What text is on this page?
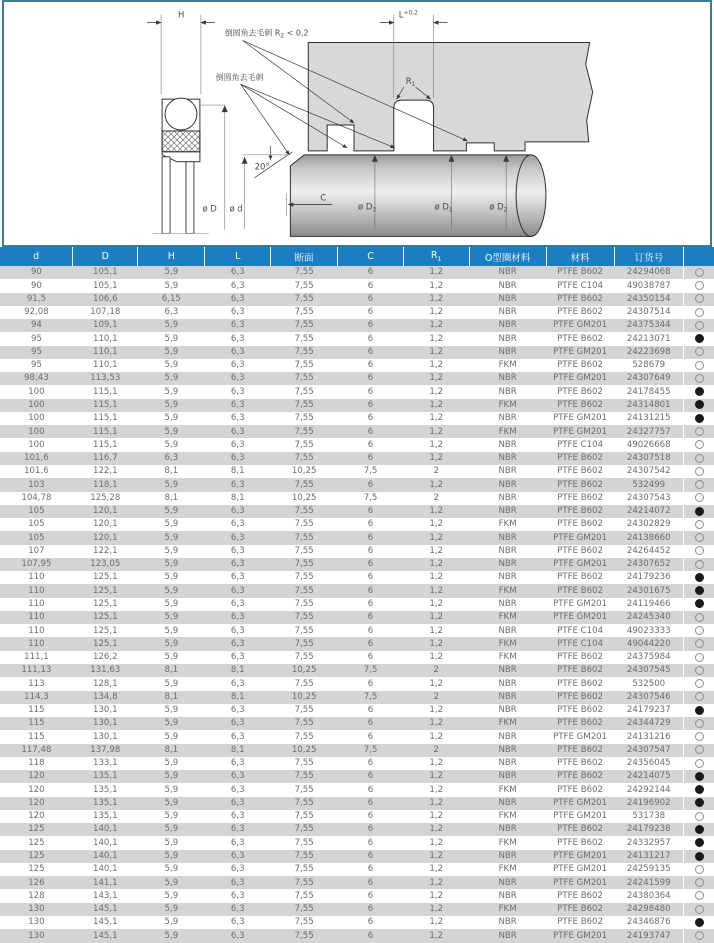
H	$L^{+0,2}$
$R_1$
倒圆角去毛刺 $R_2 < 0,2$
倒圆角去毛刺
20°
C
ø D ø d	ø $D_3$	ø $D_1$	ø $D_2$
d	D	H	L	断面	C	$R_1$	O型圈材料	材料	订货号	
90	105,1	5,9	6,3	7,55	6	1,2	NBR	PTFE B602	24294068	
90	105,1	5,9	6,3	7,55	6	1,2	NBR	PTFE C104	49038787	
91,5	106,6	6,15	6,3	7,55	6	1,2	NBR	PTFE B602	24350154	
92,08	107,18	6,3	6,3	7,55	6	1,2	NBR	PTFE B602	24307514	
94	109,1	5,9	6,3	7,55	6	1,2	NBR	PTFE GM201	24375344	
95	110,1	5,9	6,3	7,55	6	1,2	NBR	PTFE B602	24213071	
95	110,1	5,9	6,3	7,55	6	1,2	NBR	PTFE GM201	24223698	
95	110,1	5,9	6,3	7,55	6	1,2	FKM	PTFE B602	528679	
98,43	113,53	5,9	6,3	7,55	6	1,2	NBR	PTFE GM201	24307649	
100	115,1	5,9	6,3	7,55	6	1,2	NBR	PTFE B602	24178455	
100	115,1	5,9	6,3	7,55	6	1,2	FKM	PTFE B602	24314801	
100	115,1	5,9	6,3	7,55	6	1,2	NBR	PTFE GM201	24131215	
100	115,1	5,9	6,3	7,55	6	1,2	FKM	PTFE GM201	24327757	
100	115,1	5,9	6,3	7,55	6	1,2	NBR	PTFE C104	49026668	
101,6	116,7	6,3	6,3	7,55	6	1,2	NBR	PTFE B602	24307518	
101,6	122,1	8,1	8,1	10,25	7,5	2	NBR	PTFE B602	24307542	
103	118,1	5,9	6,3	7,55	6	1,2	NBR	PTFE B602	532499	
104,78	125,28	8,1	8,1	10,25	7,5	2	NBR	PTFE B602	24307543	
105	120,1	5,9	6,3	7,55	6	1,2	NBR	PTFE B602	24214072	
105	120,1	5,9	6,3	7,55	6	1,2	FKM	PTFE B602	24302829	
105	120,1	5,9	6,3	7,55	6	1,2	NBR	PTFE GM201	24138660	
107	122,1	5,9	6,3	7,55	6	1,2	NBR	PTFE B602	24264452	
107,95	123,05	5,9	6,3	7,55	6	1,2	NBR	PTFE GM201	24307652	
110	125,1	5,9	6,3	7,55	6	1,2	NBR	PTFE B602	24179236	
110	125,1	5,9	6,3	7,55	6	1,2	FKM	PTFE B602	24301675	
110	125,1	5,9	6,3	7,55	6	1,2	NBR	PTFE GM201	24119466	
110	125,1	5,9	6,3	7,55	6	1,2	FKM	PTFE GM201	24245340	
110	125,1	5,9	6,3	7,55	6	1,2	NBR	PTFE C104	49023333	
110	125,1	5,9	6,3	7,55	6	1,2	FKM	PTFE C104	49044220	
111,1	126,2	5,9	6,3	7,55	6	1,2	FKM	PTFE B602	24375984	
111,13	131,63	8,1	8,1	10,25	7,5	2	NBR	PTFE B602	24307545	
113	128,1	5,9	6,3	7,55	6	1,2	NBR	PTFE B602	532500	
114,3	134,8	8,1	8,1	10,25	7,5	2	NBR	PTFE B602	24307546	
115	130,1	5,9	6,3	7,55	6	1,2	NBR	PTFE B602	24179237	
115	130,1	5,9	6,3	7,55	6	1,2	FKM	PTFE B602	24344729	
115	130,1	5,9	6,3	7,55	6	1,2	NBR	PTFE GM201	24131216	
117,48	137,98	8,1	8,1	10,25	7,5	2	NBR	PTFE B602	24307547	
118	133,1	5,9	6,3	7,55	6	1,2	NBR	PTFE B602	24356045	
120	135,1	5,9	6,3	7,55	6	1,2	NBR	PTFE B602	24214075	
120	135,1	5,9	6,3	7,55	6	1,2	FKM	PTFE B602	24292144	
120	135,1	5,9	6,3	7,55	6	1,2	NBR	PTFE GM201	24196902	
120	135,1	5,9	6,3	7,55	6	1,2	FKM	PTFE GM201	531738	
125	140,1	5,9	6,3	7,55	6	1,2	NBR	PTFE B602	24179238	
125	140,1	5,9	6,3	7,55	6	1,2	FKM	PTFE B602	24332957	
125	140,1	5,9	6,3	7,55	6	1,2	NBR	PTFE GM201	24131217	
125	140,1	5,9	6,3	7,55	6	1,2	FKM	PTFE GM201	24259135	
126	141,1	5,9	6,3	7,55	6	1,2	NBR	PTFE GM201	24241599	
128	143,1	5,9	6,3	7,55	6	1,2	NBR	PTFE B602	24380364	
130	145,1	5,9	6,3	7,55	6	1,2	FKM	PTFE B602	24298480	
130	145,1	5,9	6,3	7,55	6	1,2	NBR	PTFE B602	24346876	
130	145,1	5,9	6,3	7,55	6	1,2	NBR	PTFE GM201	24193747	
